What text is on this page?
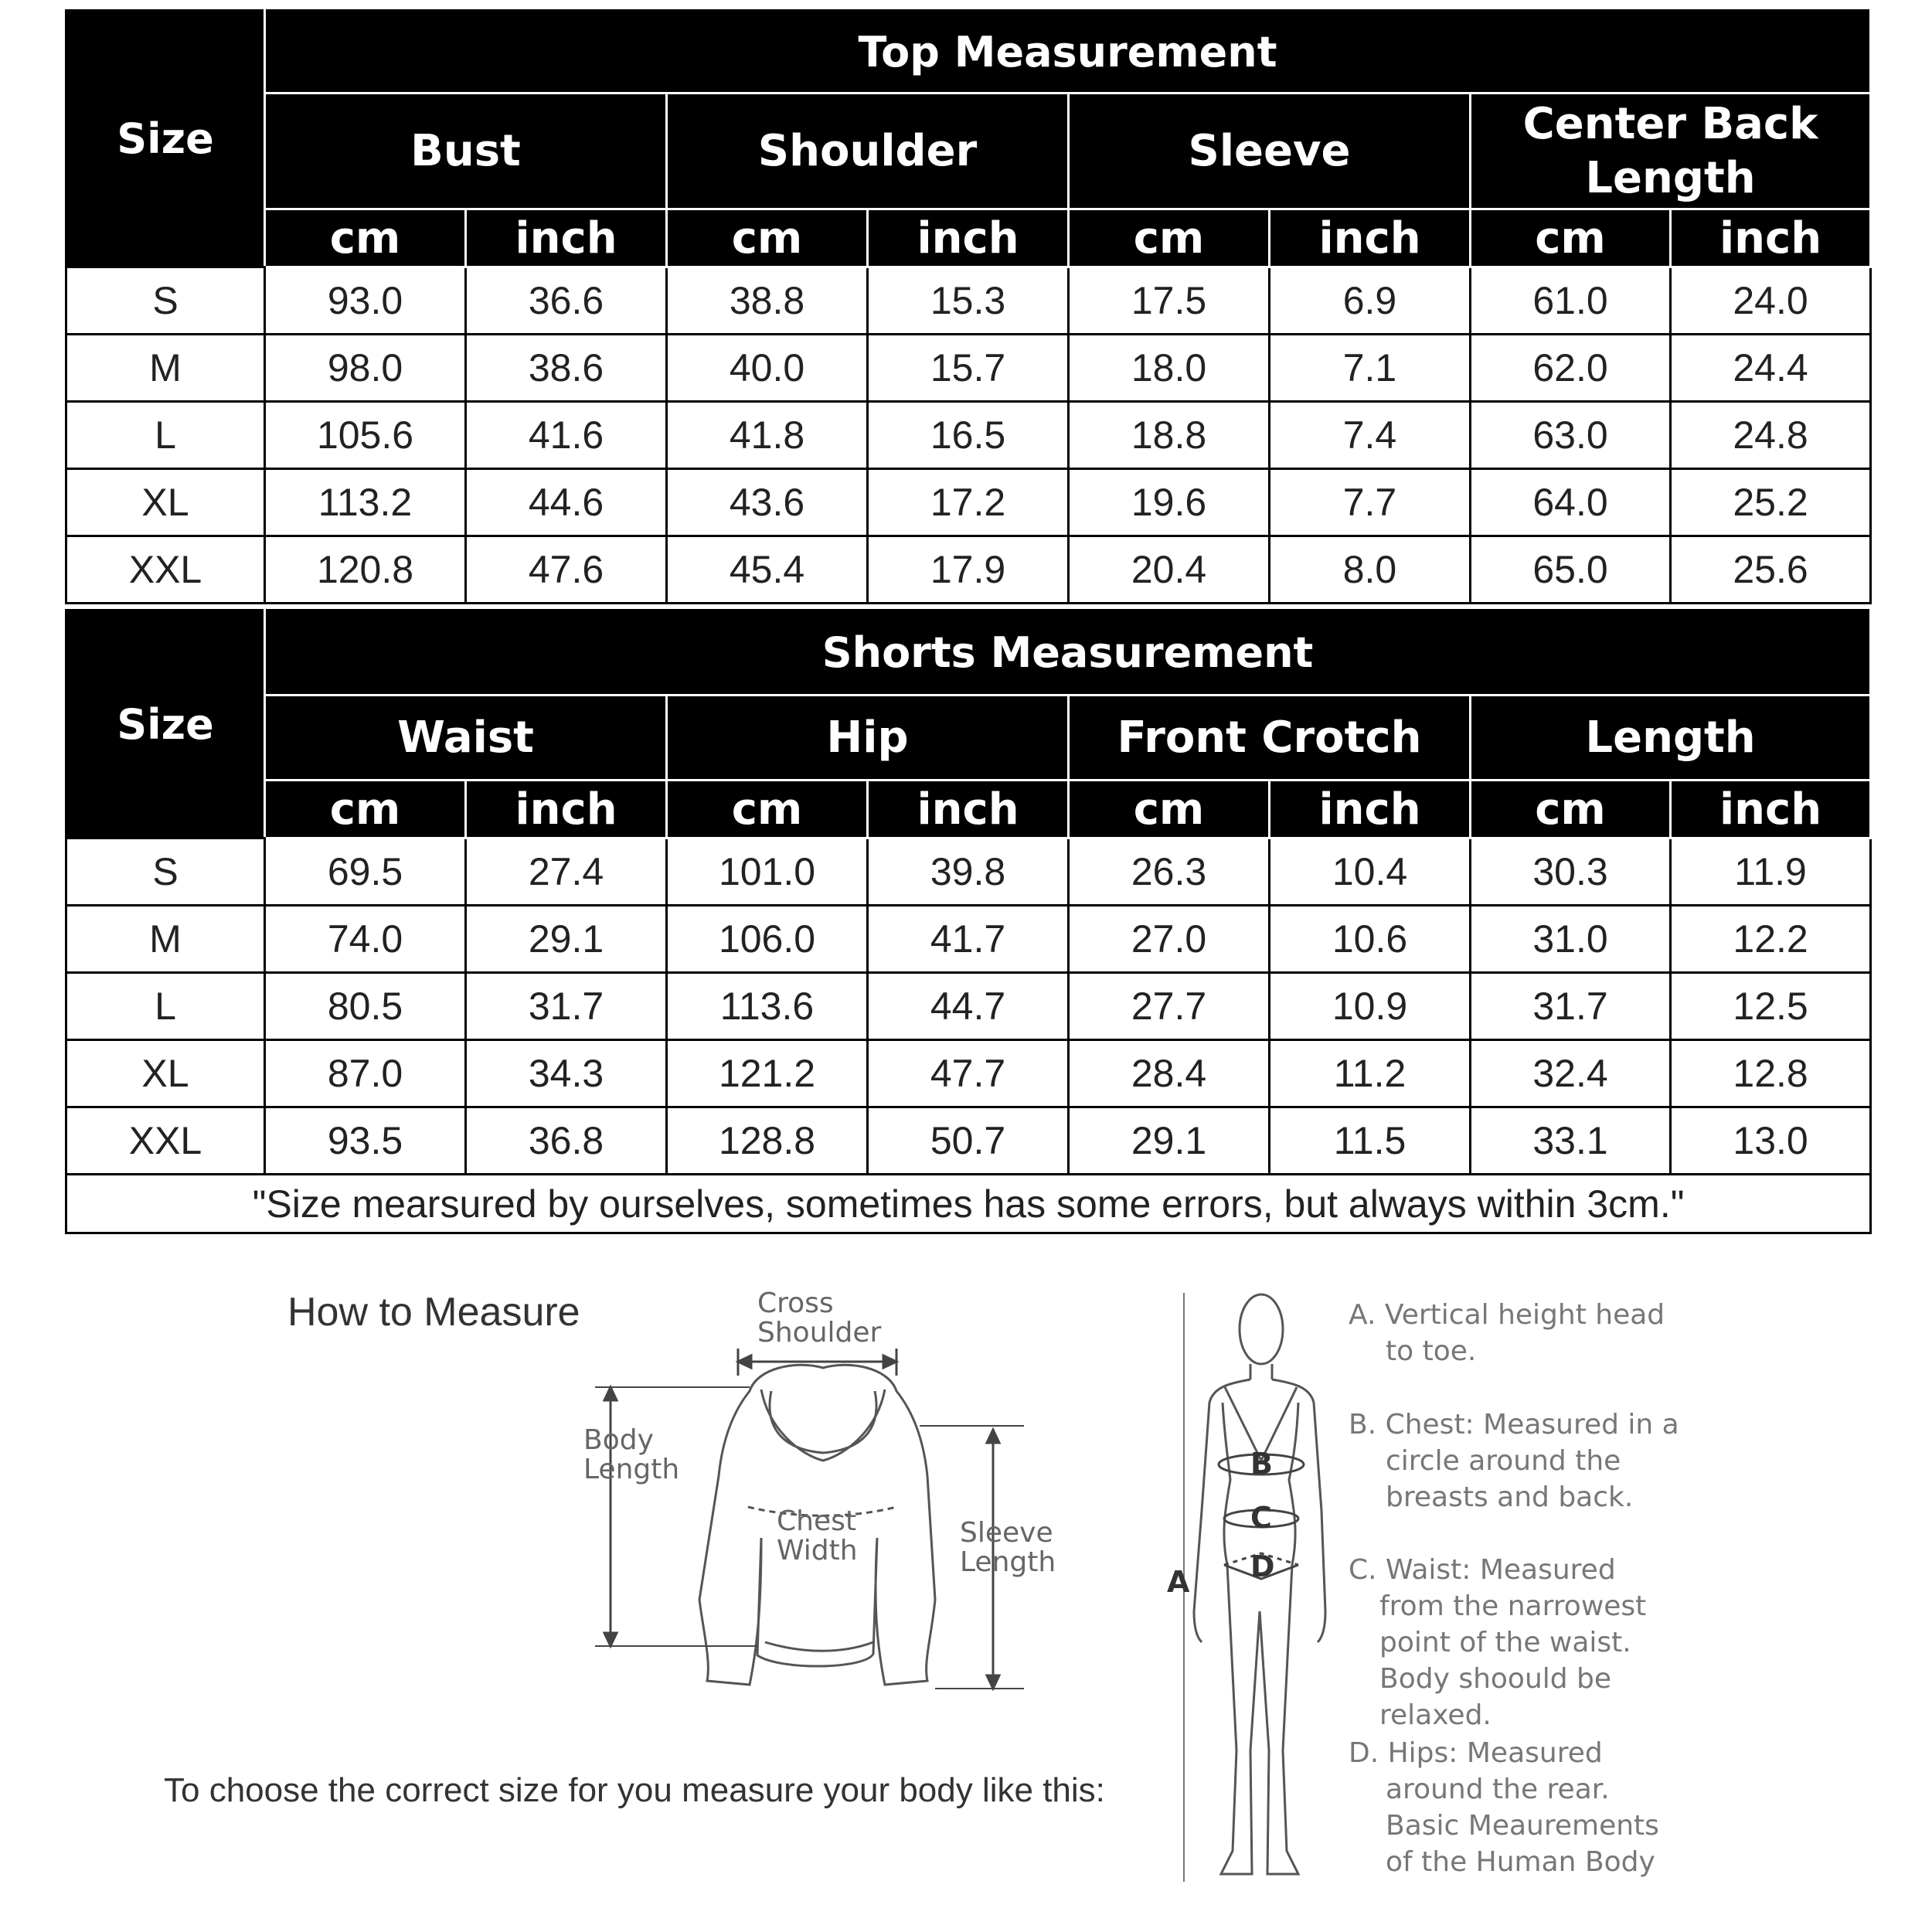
Size	Top Measurement							
	Bust		Shoulder		Sleeve		Center Back Length	
	cm	inch	cm	inch	cm	inch	cm	inch
S	93.0	36.6	38.8	15.3	17.5	6.9	61.0	24.0
M	98.0	38.6	40.0	15.7	18.0	7.1	62.0	24.4
L	105.6	41.6	41.8	16.5	18.8	7.4	63.0	24.8
XL	113.2	44.6	43.6	17.2	19.6	7.7	64.0	25.2
XXL	120.8	47.6	45.4	17.9	20.4	8.0	65.0	25.6
Size	Shorts Measurement							
	Waist		Hip		Front Crotch		Length	
	cm	inch	cm	inch	cm	inch	cm	inch
S	69.5	27.4	101.0	39.8	26.3	10.4	30.3	11.9
M	74.0	29.1	106.0	41.7	27.0	10.6	31.0	12.2
L	80.5	31.7	113.6	44.7	27.7	10.9	31.7	12.5
XL	87.0	34.3	121.2	47.7	28.4	11.2	32.4	12.8
XXL	93.5	36.8	128.8	50.7	29.1	11.5	33.1	13.0
"Size mearsured by ourselves, sometimes has some errors, but always within 3cm."								
How to Measure
To choose the correct size for you measure your body like this:
Cross
Shoulder
Body
Length
Chest
Width
Sleeve
Length
B
C
D
A
A. Vertical height head
to toe.
B. Chest: Measured in a
circle around the
breasts and back.
C. Waist: Measured
from the narrowest
point of the waist.
Body shoould be
relaxed.
D. Hips: Measured
around the rear.
Basic Meaurements
of the Human Body
